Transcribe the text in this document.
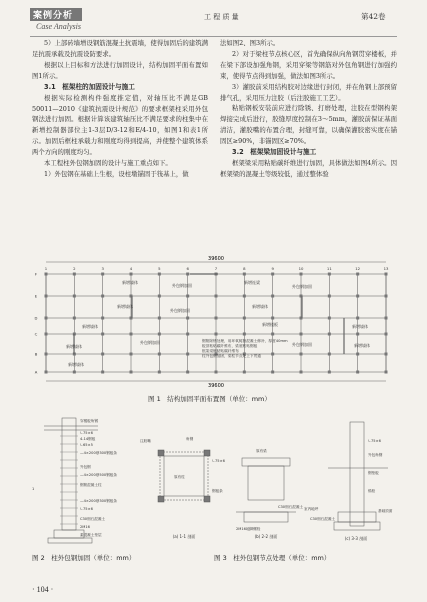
案例分析
Case Analysis
工 程 质 量	第42卷

5）上部砖墙增设钢筋混凝土抗震墙，使得加固后的建筑满足抗震承载及抗震设防要求。

根据以上目标和方法进行加固设计，结构加固平面布置如图1所示。

3.1　框架柱的加固设计与施工

根据实际检测构件强度推定值，对轴压比不满足GB 50011—2010《建筑抗震设计规范》的要求框架柱采用外包钢法进行加固。根据计算该建筑轴压比不满足要求的柱集中在新增控制器部位主1-3层D/3-12和E/4-10，如图1和表1所示。加固后框柱承载力和刚度均得到提高，并使整个建筑体系两个方向的刚度均匀。

本工程柱外包钢加固的设计与施工重点如下。

1）外包钢在基础上生根，设柱墩锚固于筏基上，做

法如图2、图3所示。

2）对于梁柱节点核心区，首先确保纵向角钢贯穿楼板，并在梁下部设加强角钢，采用穿梁等钢筋对外包角钢进行加强约束，使得节点得到加强，做法如图3所示。

3）灌胶前采用结构胶对边缘进行封闭，并在角钢上部预留排气孔，采用压力注胶（后注胶施工工艺）。

粘贴钢板安装前应进行除锈、打磨处理，注胶在型钢构架焊接完成后进行，胶缝厚度控制在3～5mm，灌胶前保证基面清洁，灌胶嘴的布置合理，封缝可靠，以确保灌胶密实度在锚固区≥90%，非锚固区≥70%。

3.2　框架梁加固设计与施工

框架梁采用粘贴碳纤维进行加固，具体做法如图4所示。因框架梁的混凝土等级较低，通过整体验

39600
39600
新增墙体
外包钢加固
新增连梁
外包钢加固
外包钢加固
新增墙体	新增墙体
新增墙体	新增墙体
新增墙体	新增墙体
外包钢加固	外包钢加固
新增楼板
新增墙体
钢筋除锈处理，用环氧树脂混凝土修补，厚度40mm
板顶粘贴碳纤维布，梁底粘贴钢板
框架梁侧粘贴碳纤维布
柱外包钢加固，梁柱节点处上下贯通
1	2	3	4	5	6	7	8	9	10	11	12	13
A
B
C
D
E
F
图 1　结构加固平面布置图（单位：mm）
穿楼板角钢
∟75×6
4-14钢板
∟65×5
—4×200@300钢板条
外包钢
—4×200@500钢板条
钢筋混凝土柱
1
—4×200@300钢板条
∟75×6
C30细石混凝土
2M16
素混凝土垫层
图 2　柱外包钢加固（单位：mm）
注胶嘴	角钢
原有柱
∟75×6
钢板条
原有梁
2M16地脚螺栓
C30细石混凝土 室内地坪
∟75×6
基础顶面
外包角钢
钢垫板
锚栓
C30细石混凝土
(a) 1-1 剖面	(b) 2-2 剖面	(c) 3-3 剖面
图 3　柱外包钢节点处理（单位：mm）
· 104 ·
